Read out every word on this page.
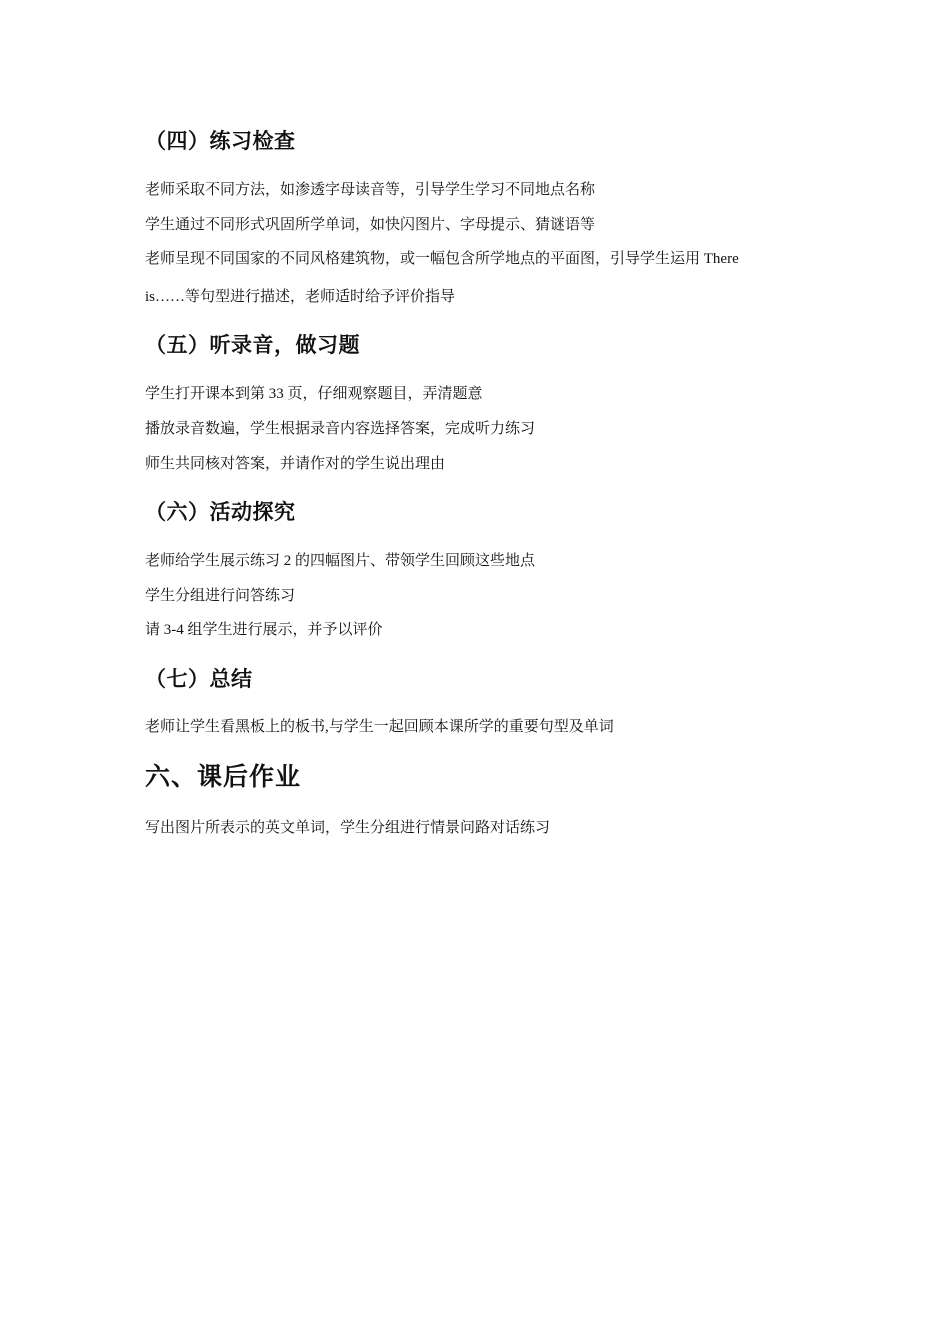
（四）练习检查
老师采取不同方法，如渗透字母读音等，引导学生学习不同地点名称
学生通过不同形式巩固所学单词，如快闪图片、字母提示、猜谜语等
老师呈现不同国家的不同风格建筑物，或一幅包含所学地点的平面图，引导学生运用 There
is……等句型进行描述，老师适时给予评价指导
（五）听录音，做习题
学生打开课本到第 33 页，仔细观察题目，弄清题意
播放录音数遍，学生根据录音内容选择答案，完成听力练习
师生共同核对答案，并请作对的学生说出理由
（六）活动探究
老师给学生展示练习 2 的四幅图片、带领学生回顾这些地点
学生分组进行问答练习
请 3-4 组学生进行展示，并予以评价
（七）总结
老师让学生看黑板上的板书,与学生一起回顾本课所学的重要句型及单词
六、课后作业
写出图片所表示的英文单词，学生分组进行情景问路对话练习
